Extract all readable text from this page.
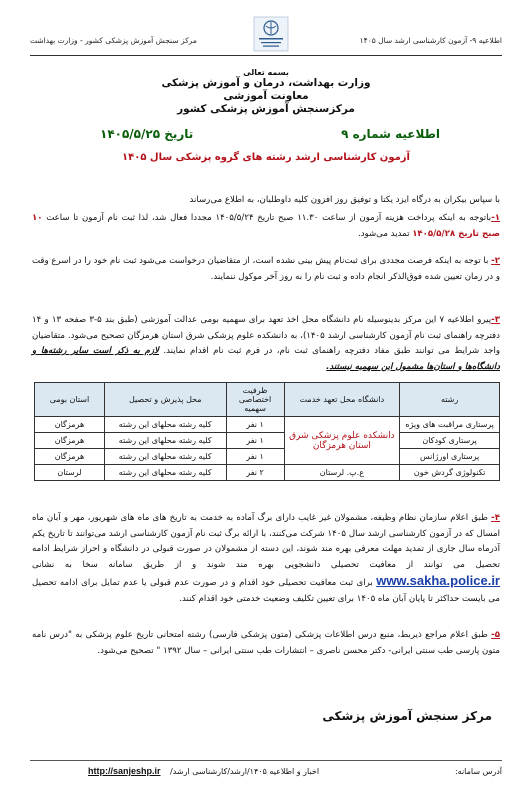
مرکز سنجش آموزش پزشکی کشور - وزارت بهداشت	اطلاعیه ۹- آزمون کارشناسی ارشد سال ۱۴۰۵
بسمه تعالی
وزارت بهداشت، درمان و آموزش پزشکی
معاونت آموزشی
مرکزسنجش آموزش پزشکی کشور
اطلاعیه شماره ۹
تاریخ ۱۴۰۵/۵/۲۵
آزمون کارشناسی ارشد رشته های گروه پزشکی سال ۱۴۰۵
با سپاس بیکران به درگاه ایزد یکتا و توفیق روز افزون کلیه داوطلبان، به اطلاع می‌رساند
۱-باتوجه به اینکه پرداخت هزینه آزمون از ساعت ۱۱.۳۰ صبح تاریخ ۱۴۰۵/۵/۲۴ مجددا فعال شد، لذا ثبت نام آزمون تا ساعت ۱۰ صبح تاریخ ۱۴۰۵/۵/۲۸ تمدید می‌شود.
۲- با توجه به اینکه فرصت مجددی برای ثبت‌نام پیش بینی نشده است، از متقاضیان درخواست می‌شود ثبت نام خود را در اسرع وقت و در زمان تعیین شده فوق‌الذکر انجام داده و ثبت نام را به روز آخر موکول ننمایند.
۳-پیرو اطلاعیه ۷ این مرکز بدینوسیله نام دانشگاه محل اخذ تعهد برای سهمیه بومی عدالت آموزشی (طبق بند ۵-۳ صفحه ۱۳ و ۱۴ دفترچه راهنمای ثبت نام آزمون کارشناسی ارشد ۱۴۰۵)، به دانشکده علوم پزشکی شرق استان هرمزگان تصحیح می‌شود. متقاضیان واجد شرایط می توانند طبق مفاد دفترچه راهنمای ثبت نام، در فرم ثبت نام اقدام نمایند. لازم به ذکر است سایر رشته‌ها و دانشگاه‌ها و استان‌ها مشمول این سهمیه نیستند.
رشته	دانشگاه محل تعهد خدمت	ظرفیت اختصاصی سهمیه	محل پذیرش و تحصیل	استان بومی
پرستاری مراقبت های ویژه	دانشکده علوم پزشکی شرق استان هرمزگان	۱ نفر	کلیه رشته محلهای این رشته	هرمزگان
پرستاری کودکان		۱ نفر	کلیه رشته محلهای این رشته	هرمزگان
پرستاری اورژانس		۱ نفر	کلیه رشته محلهای این رشته	هرمزگان
تکنولوژی گردش خون	ع.پ. لرستان	۲ نفر	کلیه رشته محلهای این رشته	لرستان
۴- طبق اعلام سازمان نظام وظیفه، مشمولان غیر غایب دارای برگ آماده به خدمت به تاریخ های ماه های شهریور، مهر و آبان ماه امسال که در آزمون کارشناسی ارشد سال ۱۴۰۵ شرکت می‌کنند، با ارائه برگ ثبت نام آزمون کارشناسی ارشد می‌توانند تا تاریخ یکم آذرماه سال جاری از تمدید مهلت معرفی بهره مند شوند، این دسته از مشمولان در صورت قبولی در دانشگاه و احراز شرایط ادامه تحصیل می توانند از معافیت تحصیلی دانشجویی بهره مند شوند و از طریق سامانه سخا به نشانی www.sakha.police.ir برای ثبت معافیت تحصیلی خود اقدام و در صورت عدم قبولی یا عدم تمایل برای ادامه تحصیل می بایست حداکثر تا پایان آبان ماه ۱۴۰۵ برای تعیین تکلیف وضعیت خدمتی خود اقدام کنند.
۵- طبق اعلام مراجع ذیربط، منبع درس اطلاعات پزشکی (متون پزشکی فارسی) رشته امتحانی تاریخ علوم پزشکی به "درس نامه متون پارسی طب سنتی ایرانی- دکتر محسن ناصری – انتشارات طب سنتی ایرانی – سال ۱۳۹۲ " تصحیح می‌شود.
مرکز سنجش آموزش پزشکی
آدرس سامانه:
اخبار و اطلاعیه ۱۴۰۵/ارشد/کارشناسی ارشد/
http://sanjeshp.ir
